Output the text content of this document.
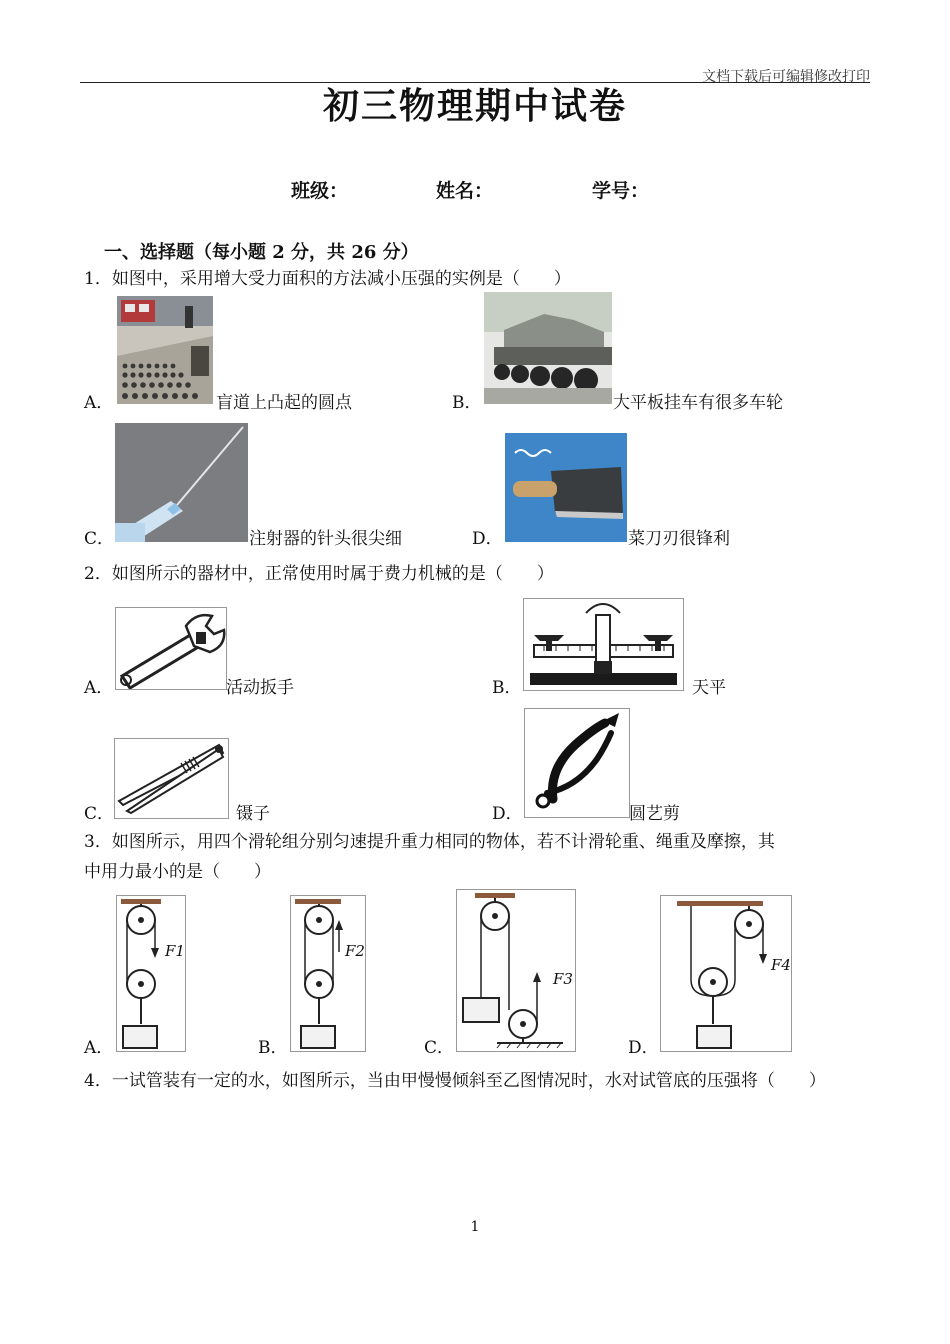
文档下载后可编辑修改打印
初三物理期中试卷
班级：	姓名：	学号：
一、选择题（每小题 2 分，共 26 分）
1．如图中，采用增大受力面积的方法减小压强的实例是（　　）
A．	盲道上凸起的圆点	B．	大平板挂车有很多车轮
C．	注射器的针头很尖细	D．	菜刀刃很锋利
2．如图所示的器材中，正常使用时属于费力机械的是（　　）
A．	活动扳手	B．	天平
C．	镊子	D．	圆艺剪
3．如图所示，用四个滑轮组分别匀速提升重力相同的物体，若不计滑轮重、绳重及摩擦，其
中用力最小的是（　　）
A．
F1
B．
F2
C．
F3
D．
F4
4．一试管装有一定的水，如图所示，当由甲慢慢倾斜至乙图情况时，水对试管底的压强将（　　）
1
